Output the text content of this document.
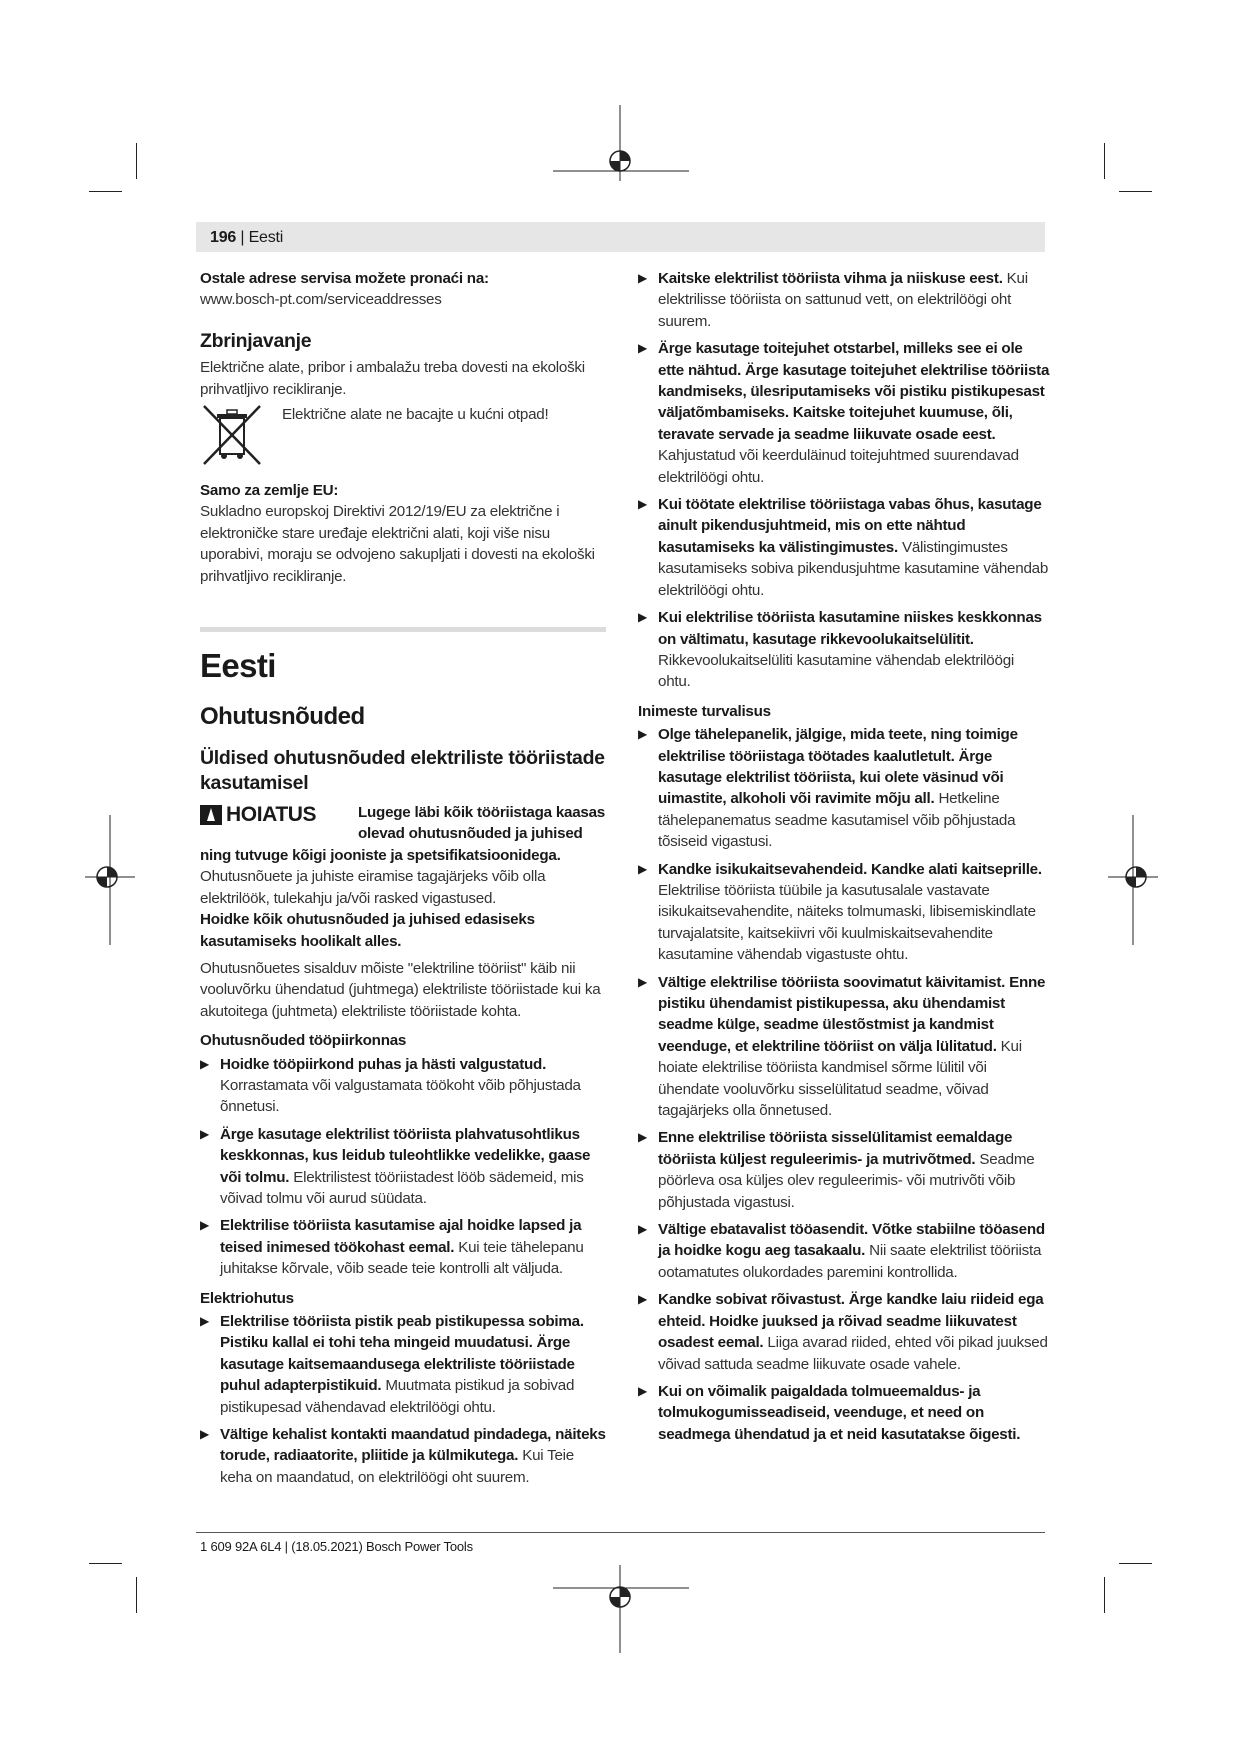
196 | Eesti

Ostale adrese servisa možete pronaći na:

www.bosch-pt.com/serviceaddresses

Zbrinjavanje

Električne alate, pribor i ambalažu treba dovesti na ekološki prihvatljivo recikliranje.

Električne alate ne bacajte u kućni otpad!

Samo za zemlje EU:

Sukladno europskoj Direktivi 2012/19/EU za električne i elektroničke stare uređaje električni alati, koji više nisu uporabivi, moraju se odvojeno sakupljati i dovesti na ekološki prihvatljivo recikliranje.

Eesti

Ohutusnõuded

Üldised ohutusnõuded elektriliste tööriistade kasutamisel

HOIATUS	Lugege läbi kõik tööriistaga kaasas olevad ohutusnõuded ja juhised

ning tutvuge kõigi jooniste ja spetsifikatsioonidega.

Ohutusnõuete ja juhiste eiramise tagajärjeks võib olla elektrilöök, tulekahju ja/või rasked vigastused.

Hoidke kõik ohutusnõuded ja juhised edasiseks kasutamiseks hoolikalt alles.

Ohutusnõuetes sisalduv mõiste "elektriline tööriist" käib nii vooluvõrku ühendatud (juhtmega) elektriliste tööriistade kui ka akutoitega (juhtmeta) elektriliste tööriistade kohta.

Ohutusnõuded tööpiirkonnas

▶ Hoidke tööpiirkond puhas ja hästi valgustatud. Korrastamata või valgustamata töökoht võib põhjustada õnnetusi.
▶ Ärge kasutage elektrilist tööriista plahvatusohtlikus keskkonnas, kus leidub tuleohtlikke vedelikke, gaase või tolmu. Elektrilistest tööriistadest lööb sädemeid, mis võivad tolmu või aurud süüdata.
▶ Elektrilise tööriista kasutamise ajal hoidke lapsed ja teised inimesed töökohast eemal. Kui teie tähelepanu juhitakse kõrvale, võib seade teie kontrolli alt väljuda.

Elektriohutus

▶ Elektrilise tööriista pistik peab pistikupessa sobima. Pistiku kallal ei tohi teha mingeid muudatusi. Ärge kasutage kaitsemaandusega elektriliste tööriistade puhul adapterpistikuid. Muutmata pistikud ja sobivad pistikupesad vähendavad elektrilöögi ohtu.
▶ Vältige kehalist kontakti maandatud pindadega, näiteks torude, radiaatorite, pliitide ja külmikutega. Kui Teie keha on maandatud, on elektrilöögi oht suurem.
▶ Kaitske elektrilist tööriista vihma ja niiskuse eest. Kui elektrilisse tööriista on sattunud vett, on elektrilöögi oht suurem.
▶ Ärge kasutage toitejuhet otstarbel, milleks see ei ole ette nähtud. Ärge kasutage toitejuhet elektrilise tööriista kandmiseks, ülesriputamiseks või pistiku pistikupesast väljatõmbamiseks. Kaitske toitejuhet kuumuse, õli, teravate servade ja seadme liikuvate osade eest. Kahjustatud või keerduläinud toitejuhtmed suurendavad elektrilöögi ohtu.
▶ Kui töötate elektrilise tööriistaga vabas õhus, kasutage ainult pikendusjuhtmeid, mis on ette nähtud kasutamiseks ka välistingimustes. Välistingimustes kasutamiseks sobiva pikendusjuhtme kasutamine vähendab elektrilöögi ohtu.
▶ Kui elektrilise tööriista kasutamine niiskes keskkonnas on vältimatu, kasutage rikkevoolukaitselülitit. Rikkevoolukaitselüliti kasutamine vähendab elektrilöögi ohtu.

Inimeste turvalisus

▶ Olge tähelepanelik, jälgige, mida teete, ning toimige elektrilise tööriistaga töötades kaalutletult. Ärge kasutage elektrilist tööriista, kui olete väsinud või uimastite, alkoholi või ravimite mõju all. Hetkeline tähelepanematus seadme kasutamisel võib põhjustada tõsiseid vigastusi.
▶ Kandke isikukaitsevahendeid. Kandke alati kaitseprille. Elektrilise tööriista tüübile ja kasutusalale vastavate isikukaitsevahendite, näiteks tolmumaski, libisemiskindlate turvajalatsite, kaitsekiivri või kuulmiskaitsevahendite kasutamine vähendab vigastuste ohtu.
▶ Vältige elektrilise tööriista soovimatut käivitamist. Enne pistiku ühendamist pistikupessa, aku ühendamist seadme külge, seadme ülestõstmist ja kandmist veenduge, et elektriline tööriist on välja lülitatud. Kui hoiate elektrilise tööriista kandmisel sõrme lülitil või ühendate vooluvõrku sisselülitatud seadme, võivad tagajärjeks olla õnnetused.
▶ Enne elektrilise tööriista sisselülitamist eemaldage tööriista küljest reguleerimis- ja mutrivõtmed. Seadme pöörleva osa küljes olev reguleerimis- või mutrivõti võib põhjustada vigastusi.
▶ Vältige ebatavalist tööasendit. Võtke stabiilne tööasend ja hoidke kogu aeg tasakaalu. Nii saate elektrilist tööriista ootamatutes olukordades paremini kontrollida.
▶ Kandke sobivat rõivastust. Ärge kandke laiu riideid ega ehteid. Hoidke juuksed ja rõivad seadme liikuvatest osadest eemal. Liiga avarad riided, ehted või pikad juuksed võivad sattuda seadme liikuvate osade vahele.
▶ Kui on võimalik paigaldada tolmueemaldus- ja tolmukogumisseadiseid, veenduge, et need on seadmega ühendatud ja et neid kasutatakse õigesti.
1 609 92A 6L4 | (18.05.2021) Bosch Power Tools
